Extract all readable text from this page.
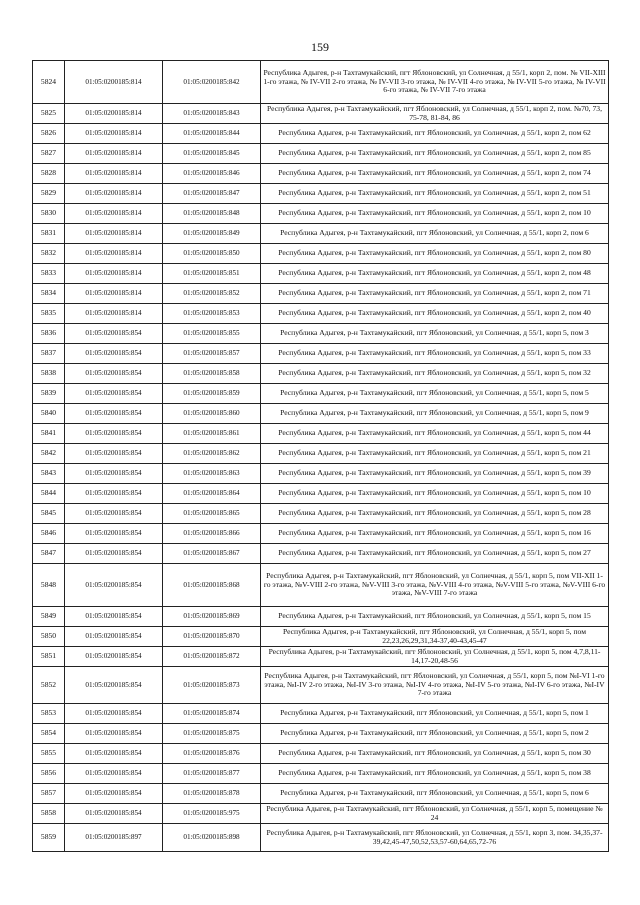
159
5824	01:05:0200185:814	01:05:0200185:842	Республика Адыгея, р-н Тахтамукайский, пгт Яблоновский, ул Солнечная, д 55/1, корп 2, пом. № VII-XIII 1-го этажа, № IV-VII 2-го этажа, № IV-VII 3-го этажа, № IV-VII 4-го этажа, № IV-VII 5-го этажа, № IV-VII 6-го этажа, № IV-VII 7-го этажа
5825	01:05:0200185:814	01:05:0200185:843	Республика Адыгея, р-н Тахтамукайский, пгт Яблоновский, ул Солнечная, д 55/1, корп 2, пом. №70, 73, 75-78, 81-84, 86
5826	01:05:0200185:814	01:05:0200185:844	Республика Адыгея, р-н Тахтамукайский, пгт Яблоновский, ул Солнечная, д 55/1, корп 2, пом 62
5827	01:05:0200185:814	01:05:0200185:845	Республика Адыгея, р-н Тахтамукайский, пгт Яблоновский, ул Солнечная, д 55/1, корп 2, пом 85
5828	01:05:0200185:814	01:05:0200185:846	Республика Адыгея, р-н Тахтамукайский, пгт Яблоновский, ул Солнечная, д 55/1, корп 2, пом 74
5829	01:05:0200185:814	01:05:0200185:847	Республика Адыгея, р-н Тахтамукайский, пгт Яблоновский, ул Солнечная, д 55/1, корп 2, пом 51
5830	01:05:0200185:814	01:05:0200185:848	Республика Адыгея, р-н Тахтамукайский, пгт Яблоновский, ул Солнечная, д 55/1, корп 2, пом 10
5831	01:05:0200185:814	01:05:0200185:849	Республика Адыгея, р-н Тахтамукайский, пгт Яблоновский, ул Солнечная, д 55/1, корп 2, пом 6
5832	01:05:0200185:814	01:05:0200185:850	Республика Адыгея, р-н Тахтамукайский, пгт Яблоновский, ул Солнечная, д 55/1, корп 2, пом 80
5833	01:05:0200185:814	01:05:0200185:851	Республика Адыгея, р-н Тахтамукайский, пгт Яблоновский, ул Солнечная, д 55/1, корп 2, пом 48
5834	01:05:0200185:814	01:05:0200185:852	Республика Адыгея, р-н Тахтамукайский, пгт Яблоновский, ул Солнечная, д 55/1, корп 2, пом 71
5835	01:05:0200185:814	01:05:0200185:853	Республика Адыгея, р-н Тахтамукайский, пгт Яблоновский, ул Солнечная, д 55/1, корп 2, пом 40
5836	01:05:0200185:854	01:05:0200185:855	Республика Адыгея, р-н Тахтамукайский, пгт Яблоновский, ул Солнечная, д 55/1, корп 5, пом 3
5837	01:05:0200185:854	01:05:0200185:857	Республика Адыгея, р-н Тахтамукайский, пгт Яблоновский, ул Солнечная, д 55/1, корп 5, пом 33
5838	01:05:0200185:854	01:05:0200185:858	Республика Адыгея, р-н Тахтамукайский, пгт Яблоновский, ул Солнечная, д 55/1, корп 5, пом 32
5839	01:05:0200185:854	01:05:0200185:859	Республика Адыгея, р-н Тахтамукайский, пгт Яблоновский, ул Солнечная, д 55/1, корп 5, пом 5
5840	01:05:0200185:854	01:05:0200185:860	Республика Адыгея, р-н Тахтамукайский, пгт Яблоновский, ул Солнечная, д 55/1, корп 5, пом 9
5841	01:05:0200185:854	01:05:0200185:861	Республика Адыгея, р-н Тахтамукайский, пгт Яблоновский, ул Солнечная, д 55/1, корп 5, пом 44
5842	01:05:0200185:854	01:05:0200185:862	Республика Адыгея, р-н Тахтамукайский, пгт Яблоновский, ул Солнечная, д 55/1, корп 5, пом 21
5843	01:05:0200185:854	01:05:0200185:863	Республика Адыгея, р-н Тахтамукайский, пгт Яблоновский, ул Солнечная, д 55/1, корп 5, пом 39
5844	01:05:0200185:854	01:05:0200185:864	Республика Адыгея, р-н Тахтамукайский, пгт Яблоновский, ул Солнечная, д 55/1, корп 5, пом 10
5845	01:05:0200185:854	01:05:0200185:865	Республика Адыгея, р-н Тахтамукайский, пгт Яблоновский, ул Солнечная, д 55/1, корп 5, пом 28
5846	01:05:0200185:854	01:05:0200185:866	Республика Адыгея, р-н Тахтамукайский, пгт Яблоновский, ул Солнечная, д 55/1, корп 5, пом 16
5847	01:05:0200185:854	01:05:0200185:867	Республика Адыгея, р-н Тахтамукайский, пгт Яблоновский, ул Солнечная, д 55/1, корп 5, пом 27
5848	01:05:0200185:854	01:05:0200185:868	Республика Адыгея, р-н Тахтамукайский, пгт Яблоновский, ул Солнечная, д 55/1, корп 5, пом VII-XII 1-го этажа, №V-VIII 2-го этажа, №V-VIII 3-го этажа, №V-VIII 4-го этажа, №V-VIII 5-го этажа, №V-VIII 6-го этажа, №V-VIII 7-го этажа
5849	01:05:0200185:854	01:05:0200185:869	Республика Адыгея, р-н Тахтамукайский, пгт Яблоновский, ул Солнечная, д 55/1, корп 5, пом 15
5850	01:05:0200185:854	01:05:0200185:870	Республика Адыгея, р-н Тахтамукайский, пгт Яблоновский, ул Солнечная, д 55/1, корп 5, пом 22,23,26,29,31,34-37,40-43,45-47
5851	01:05:0200185:854	01:05:0200185:872	Республика Адыгея, р-н Тахтамукайский, пгт Яблоновский, ул Солнечная, д 55/1, корп 5, пом 4,7,8,11-14,17-20,48-56
5852	01:05:0200185:854	01:05:0200185:873	Республика Адыгея, р-н Тахтамукайский, пгт Яблоновский, ул Солнечная, д 55/1, корп 5, пом №I-VI 1-го этажа, №I-IV 2-го этажа, №I-IV 3-го этажа, №I-IV 4-го этажа, №I-IV 5-го этажа, №I-IV 6-го этажа, №I-IV 7-го этажа
5853	01:05:0200185:854	01:05:0200185:874	Республика Адыгея, р-н Тахтамукайский, пгт Яблоновский, ул Солнечная, д 55/1, корп 5, пом 1
5854	01:05:0200185:854	01:05:0200185:875	Республика Адыгея, р-н Тахтамукайский, пгт Яблоновский, ул Солнечная, д 55/1, корп 5, пом 2
5855	01:05:0200185:854	01:05:0200185:876	Республика Адыгея, р-н Тахтамукайский, пгт Яблоновский, ул Солнечная, д 55/1, корп 5, пом 30
5856	01:05:0200185:854	01:05:0200185:877	Республика Адыгея, р-н Тахтамукайский, пгт Яблоновский, ул Солнечная, д 55/1, корп 5, пом 38
5857	01:05:0200185:854	01:05:0200185:878	Республика Адыгея, р-н Тахтамукайский, пгт Яблоновский, ул Солнечная, д 55/1, корп 5, пом 6
5858	01:05:0200185:854	01:05:0200185:975	Республика Адыгея, р-н Тахтамукайский, пгт Яблоновский, ул Солнечная, д 55/1, корп 5, помещение № 24
5859	01:05:0200185:897	01:05:0200185:898	Республика Адыгея, р-н Тахтамукайский, пгт Яблоновский, ул Солнечная, д 55/1, корп 3, пом. 34,35,37-39,42,45-47,50,52,53,57-60,64,65,72-76
